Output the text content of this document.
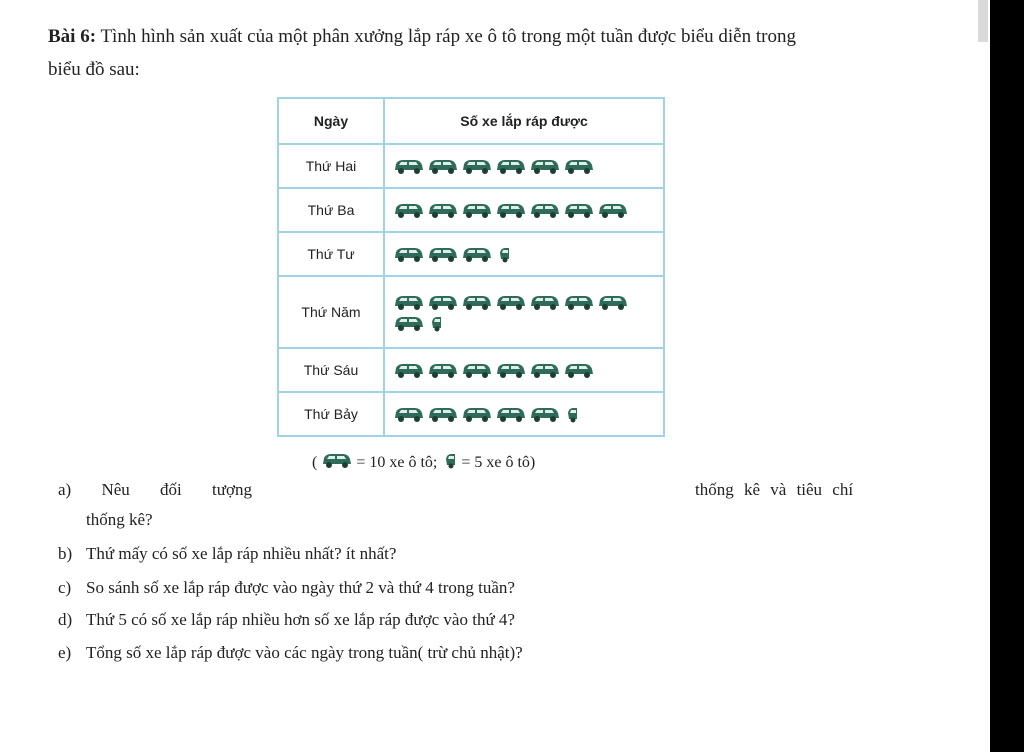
Bài 6: Tình hình sản xuất của một phân xưởng lắp ráp xe ô tô trong một tuần được biểu diễn trong
biểu đồ sau:
Ngày	Số xe lắp ráp được
Thứ Hai	

Thứ Ba	

Thứ Tư	

Thứ Năm	

Thứ Sáu	

Thứ Bảy	
( = 10 xe ô tô; = 5 xe ô tô)
a) Nêu đối tượng	thống kê và tiêu chí
thống kê?
b) Thứ mấy có số xe lắp ráp nhiều nhất? ít nhất?
c) So sánh số xe lắp ráp được vào ngày thứ 2 và thứ 4 trong tuần?
d) Thứ 5 có số xe lắp ráp nhiều hơn số xe lắp ráp được vào thứ 4?
e) Tổng số xe lắp ráp được vào các ngày trong tuần( trừ chủ nhật)?
